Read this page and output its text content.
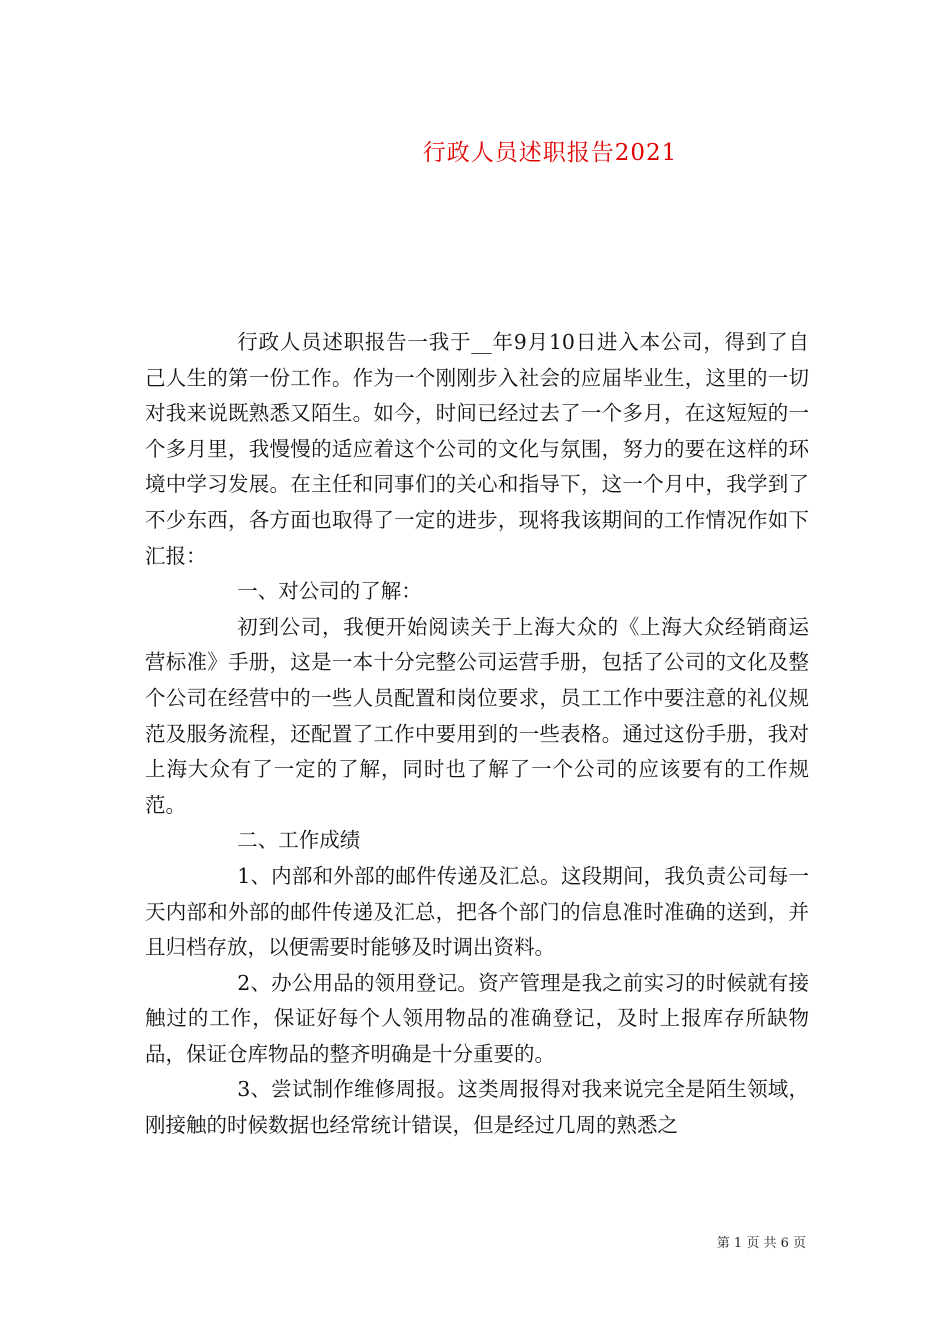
行政人员述职报告2021

行政人员述职报告一我于__年9月10日进入本公司，得到了自己人生的第一份工作。作为一个刚刚步入社会的应届毕业生，这里的一切对我来说既熟悉又陌生。如今，时间已经过去了一个多月，在这短短的一个多月里，我慢慢的适应着这个公司的文化与氛围，努力的要在这样的环境中学习发展。在主任和同事们的关心和指导下，这一个月中，我学到了不少东西，各方面也取得了一定的进步，现将我该期间的工作情况作如下汇报：

一、对公司的了解：

初到公司，我便开始阅读关于上海大众的《上海大众经销商运营标准》手册，这是一本十分完整公司运营手册，包括了公司的文化及整个公司在经营中的一些人员配置和岗位要求，员工工作中要注意的礼仪规范及服务流程，还配置了工作中要用到的一些表格。通过这份手册，我对上海大众有了一定的了解，同时也了解了一个公司的应该要有的工作规范。

二、工作成绩

1、内部和外部的邮件传递及汇总。这段期间，我负责公司每一天内部和外部的邮件传递及汇总，把各个部门的信息准时准确的送到，并且归档存放，以便需要时能够及时调出资料。

2、办公用品的领用登记。资产管理是我之前实习的时候就有接触过的工作，保证好每个人领用物品的准确登记，及时上报库存所缺物品，保证仓库物品的整齐明确是十分重要的。

3、尝试制作维修周报。这类周报得对我来说完全是陌生领域，刚接触的时候数据也经常统计错误，但是经过几周的熟悉之

第 1 页 共 6 页
